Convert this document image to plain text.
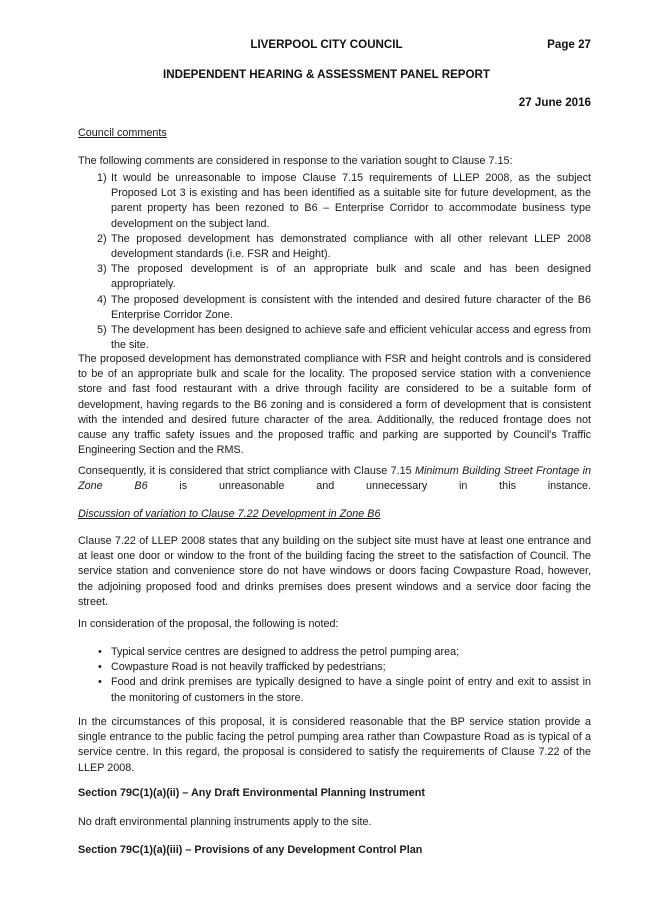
LIVERPOOL CITY COUNCIL	Page 27
INDEPENDENT HEARING & ASSESSMENT PANEL REPORT
27 June 2016

Council comments

The following comments are considered in response to the variation sought to Clause 7.15:

1) It would be unreasonable to impose Clause 7.15 requirements of LLEP 2008, as the subject Proposed Lot 3 is existing and has been identified as a suitable site for future development, as the parent property has been rezoned to B6 – Enterprise Corridor to accommodate business type development on the subject land.
2) The proposed development has demonstrated compliance with all other relevant LLEP 2008 development standards (i.e. FSR and Height).
3) The proposed development is of an appropriate bulk and scale and has been designed appropriately.
4) The proposed development is consistent with the intended and desired future character of the B6 Enterprise Corridor Zone.
5) The development has been designed to achieve safe and efficient vehicular access and egress from the site.

The proposed development has demonstrated compliance with FSR and height controls and is considered to be of an appropriate bulk and scale for the locality. The proposed service station with a convenience store and fast food restaurant with a drive through facility are considered to be a suitable form of development, having regards to the B6 zoning and is considered a form of development that is consistent with the intended and desired future character of the area. Additionally, the reduced frontage does not cause any traffic safety issues and the proposed traffic and parking are supported by Council's Traffic Engineering Section and the RMS.

Consequently, it is considered that strict compliance with Clause 7.15 Minimum Building Street Frontage in Zone B6 is unreasonable and unnecessary in this instance.

Discussion of variation to Clause 7.22 Development in Zone B6

Clause 7.22 of LLEP 2008 states that any building on the subject site must have at least one entrance and at least one door or window to the front of the building facing the street to the satisfaction of Council. The service station and convenience store do not have windows or doors facing Cowpasture Road, however, the adjoining proposed food and drinks premises does present windows and a service door facing the street.

In consideration of the proposal, the following is noted:

• Typical service centres are designed to address the petrol pumping area;
• Cowpasture Road is not heavily trafficked by pedestrians;
• Food and drink premises are typically designed to have a single point of entry and exit to assist in the monitoring of customers in the store.

In the circumstances of this proposal, it is considered reasonable that the BP service station provide a single entrance to the public facing the petrol pumping area rather than Cowpasture Road as is typical of a service centre. In this regard, the proposal is considered to satisfy the requirements of Clause 7.22 of the LLEP 2008.

Section 79C(1)(a)(ii) – Any Draft Environmental Planning Instrument

No draft environmental planning instruments apply to the site.

Section 79C(1)(a)(iii) – Provisions of any Development Control Plan
